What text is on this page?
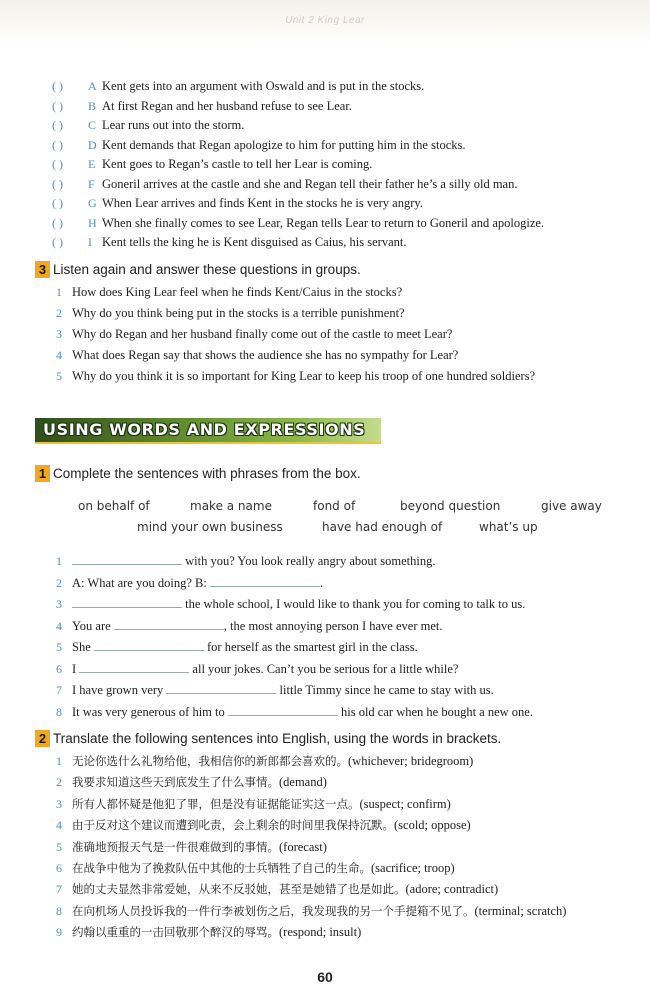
Unit 2 King Lear
( ) A Kent gets into an argument with Oswald and is put in the stocks.
( ) B At first Regan and her husband refuse to see Lear.
( ) C Lear runs out into the storm.
( ) D Kent demands that Regan apologize to him for putting him in the stocks.
( ) E Kent goes to Regan’s castle to tell her Lear is coming.
( ) F Goneril arrives at the castle and she and Regan tell their father he’s a silly old man.
( ) G When Lear arrives and finds Kent in the stocks he is very angry.
( ) H When she finally comes to see Lear, Regan tells Lear to return to Goneril and apologize.
( ) I Kent tells the king he is Kent disguised as Caius, his servant.
3 Listen again and answer these questions in groups.
1 How does King Lear feel when he finds Kent/Caius in the stocks?
2 Why do you think being put in the stocks is a terrible punishment?
3 Why do Regan and her husband finally come out of the castle to meet Lear?
4 What does Regan say that shows the audience she has no sympathy for Lear?
5 Why do you think it is so important for King Lear to keep his troop of one hundred soldiers?
USING WORDS AND EXPRESSIONS
1 Complete the sentences with phrases from the box.
on behalf of	make a name	fond of	beyond question	give away
mind your own business	have had enough of	what’s up
1	with you? You look really angry about something.
2 A: What are you doing? B:	.
3	the whole school, I would like to thank you for coming to talk to us.
4 You are	, the most annoying person I have ever met.
5 She	for herself as the smartest girl in the class.
6 I	all your jokes. Can’t you be serious for a little while?
7 I have grown very	little Timmy since he came to stay with us.
8 It was very generous of him to	his old car when he bought a new one.
2 Translate the following sentences into English, using the words in brackets.
1 无论你选什么礼物给他，我相信你的新郎都会喜欢的。(whichever; bridegroom)
2 我要求知道这些天到底发生了什么事情。(demand)
3 所有人都怀疑是他犯了罪，但是没有证据能证实这一点。(suspect; confirm)
4 由于反对这个建议而遭到叱责，会上剩余的时间里我保持沉默。(scold; oppose)
5 准确地预报天气是一件很难做到的事情。(forecast)
6 在战争中他为了挽救队伍中其他的士兵牺牲了自己的生命。(sacrifice; troop)
7 她的丈夫显然非常爱她，从来不反驳她，甚至是她错了也是如此。(adore; contradict)
8 在向机场人员投诉我的一件行李被划伤之后，我发现我的另一个手提箱不见了。(terminal; scratch)
9 约翰以重重的一击回敬那个醉汉的辱骂。(respond; insult)
60
